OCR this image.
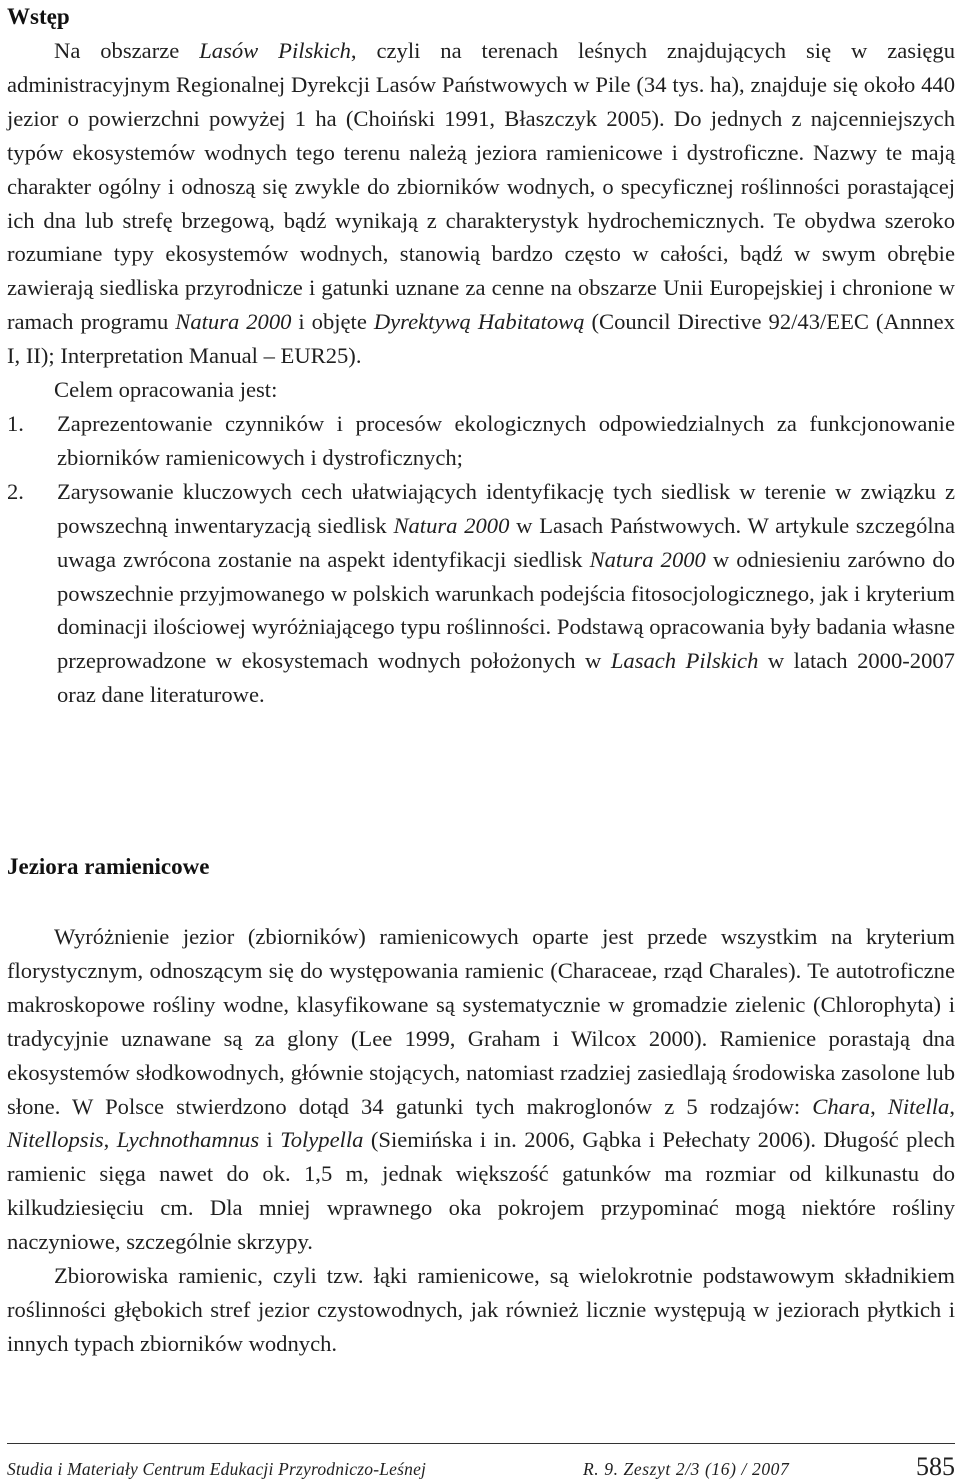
Wstęp

Na obszarze Lasów Pilskich, czyli na terenach leśnych znajdujących się w zasięgu administracyjnym Regionalnej Dyrekcji Lasów Państwowych w Pile (34 tys. ha), znajduje się około 440 jezior o powierzchni powyżej 1 ha (Choiński 1991, Błaszczyk 2005). Do jednych z najcenniejszych typów ekosystemów wodnych tego terenu należą jeziora ramienicowe i dystroficzne. Nazwy te mają charakter ogólny i odnoszą się zwykle do zbiorników wodnych, o specyficznej roślinności porastającej ich dna lub strefę brzegową, bądź wynikają z charakterystyk hydrochemicznych. Te obydwa szeroko rozumiane typy ekosystemów wodnych, stanowią bardzo często w całości, bądź w swym obrębie zawierają siedliska przyrodnicze i gatunki uznane za cenne na obszarze Unii Europejskiej i chronione w ramach programu Natura 2000 i objęte Dyrektywą Habitatową (Council Directive 92/43/EEC (Annnex I, II); Interpretation Manual – EUR25).

Celem opracowania jest:

1.	Zaprezentowanie czynników i procesów ekologicznych odpowiedzialnych za funkcjonowanie zbiorników ramienicowych i dystroficznych;
2.	Zarysowanie kluczowych cech ułatwiających identyfikację tych siedlisk w terenie w związku z powszechną inwentaryzacją siedlisk Natura 2000 w Lasach Państwowych. W artykule szczególna uwaga zwrócona zostanie na aspekt identyfikacji siedlisk Natura 2000 w odniesieniu zarówno do powszechnie przyjmowanego w polskich warunkach podejścia fitosocjologicznego, jak i kryterium dominacji ilościowej wyróżniającego typu roślinności. Podstawą opracowania były badania własne przeprowadzone w ekosystemach wodnych położonych w Lasach Pilskich w latach 2000-2007 oraz dane literaturowe.
Jeziora ramienicowe

Wyróżnienie jezior (zbiorników) ramienicowych oparte jest przede wszystkim na kryterium florystycznym, odnoszącym się do występowania ramienic (Characeae, rząd Charales). Te autotroficzne makroskopowe rośliny wodne, klasyfikowane są systematycznie w gromadzie zielenic (Chlorophyta) i tradycyjnie uznawane są za glony (Lee 1999, Graham i Wilcox 2000). Ramienice porastają dna ekosystemów słodkowodnych, głównie stojących, natomiast rzadziej zasiedlają środowiska zasolone lub słone. W Polsce stwierdzono dotąd 34 gatunki tych makroglonów z 5 rodzajów: Chara, Nitella, Nitellopsis, Lychnothamnus i Tolypella (Siemińska i in. 2006, Gąbka i Pełechaty 2006). Długość plech ramienic sięga nawet do ok. 1,5 m, jednak większość gatunków ma rozmiar od kilkunastu do kilkudziesięciu cm. Dla mniej wprawnego oka pokrojem przypominać mogą niektóre rośliny naczyniowe, szczególnie skrzypy.

Zbiorowiska ramienic, czyli tzw. łąki ramienicowe, są wielokrotnie podstawowym składnikiem roślinności głębokich stref jezior czystowodnych, jak również licznie występują w jeziorach płytkich i innych typach zbiorników wodnych.

Studia i Materiały Centrum Edukacji Przyrodniczo-Leśnej	R. 9. Zeszyt 2/3 (16) / 2007	585
